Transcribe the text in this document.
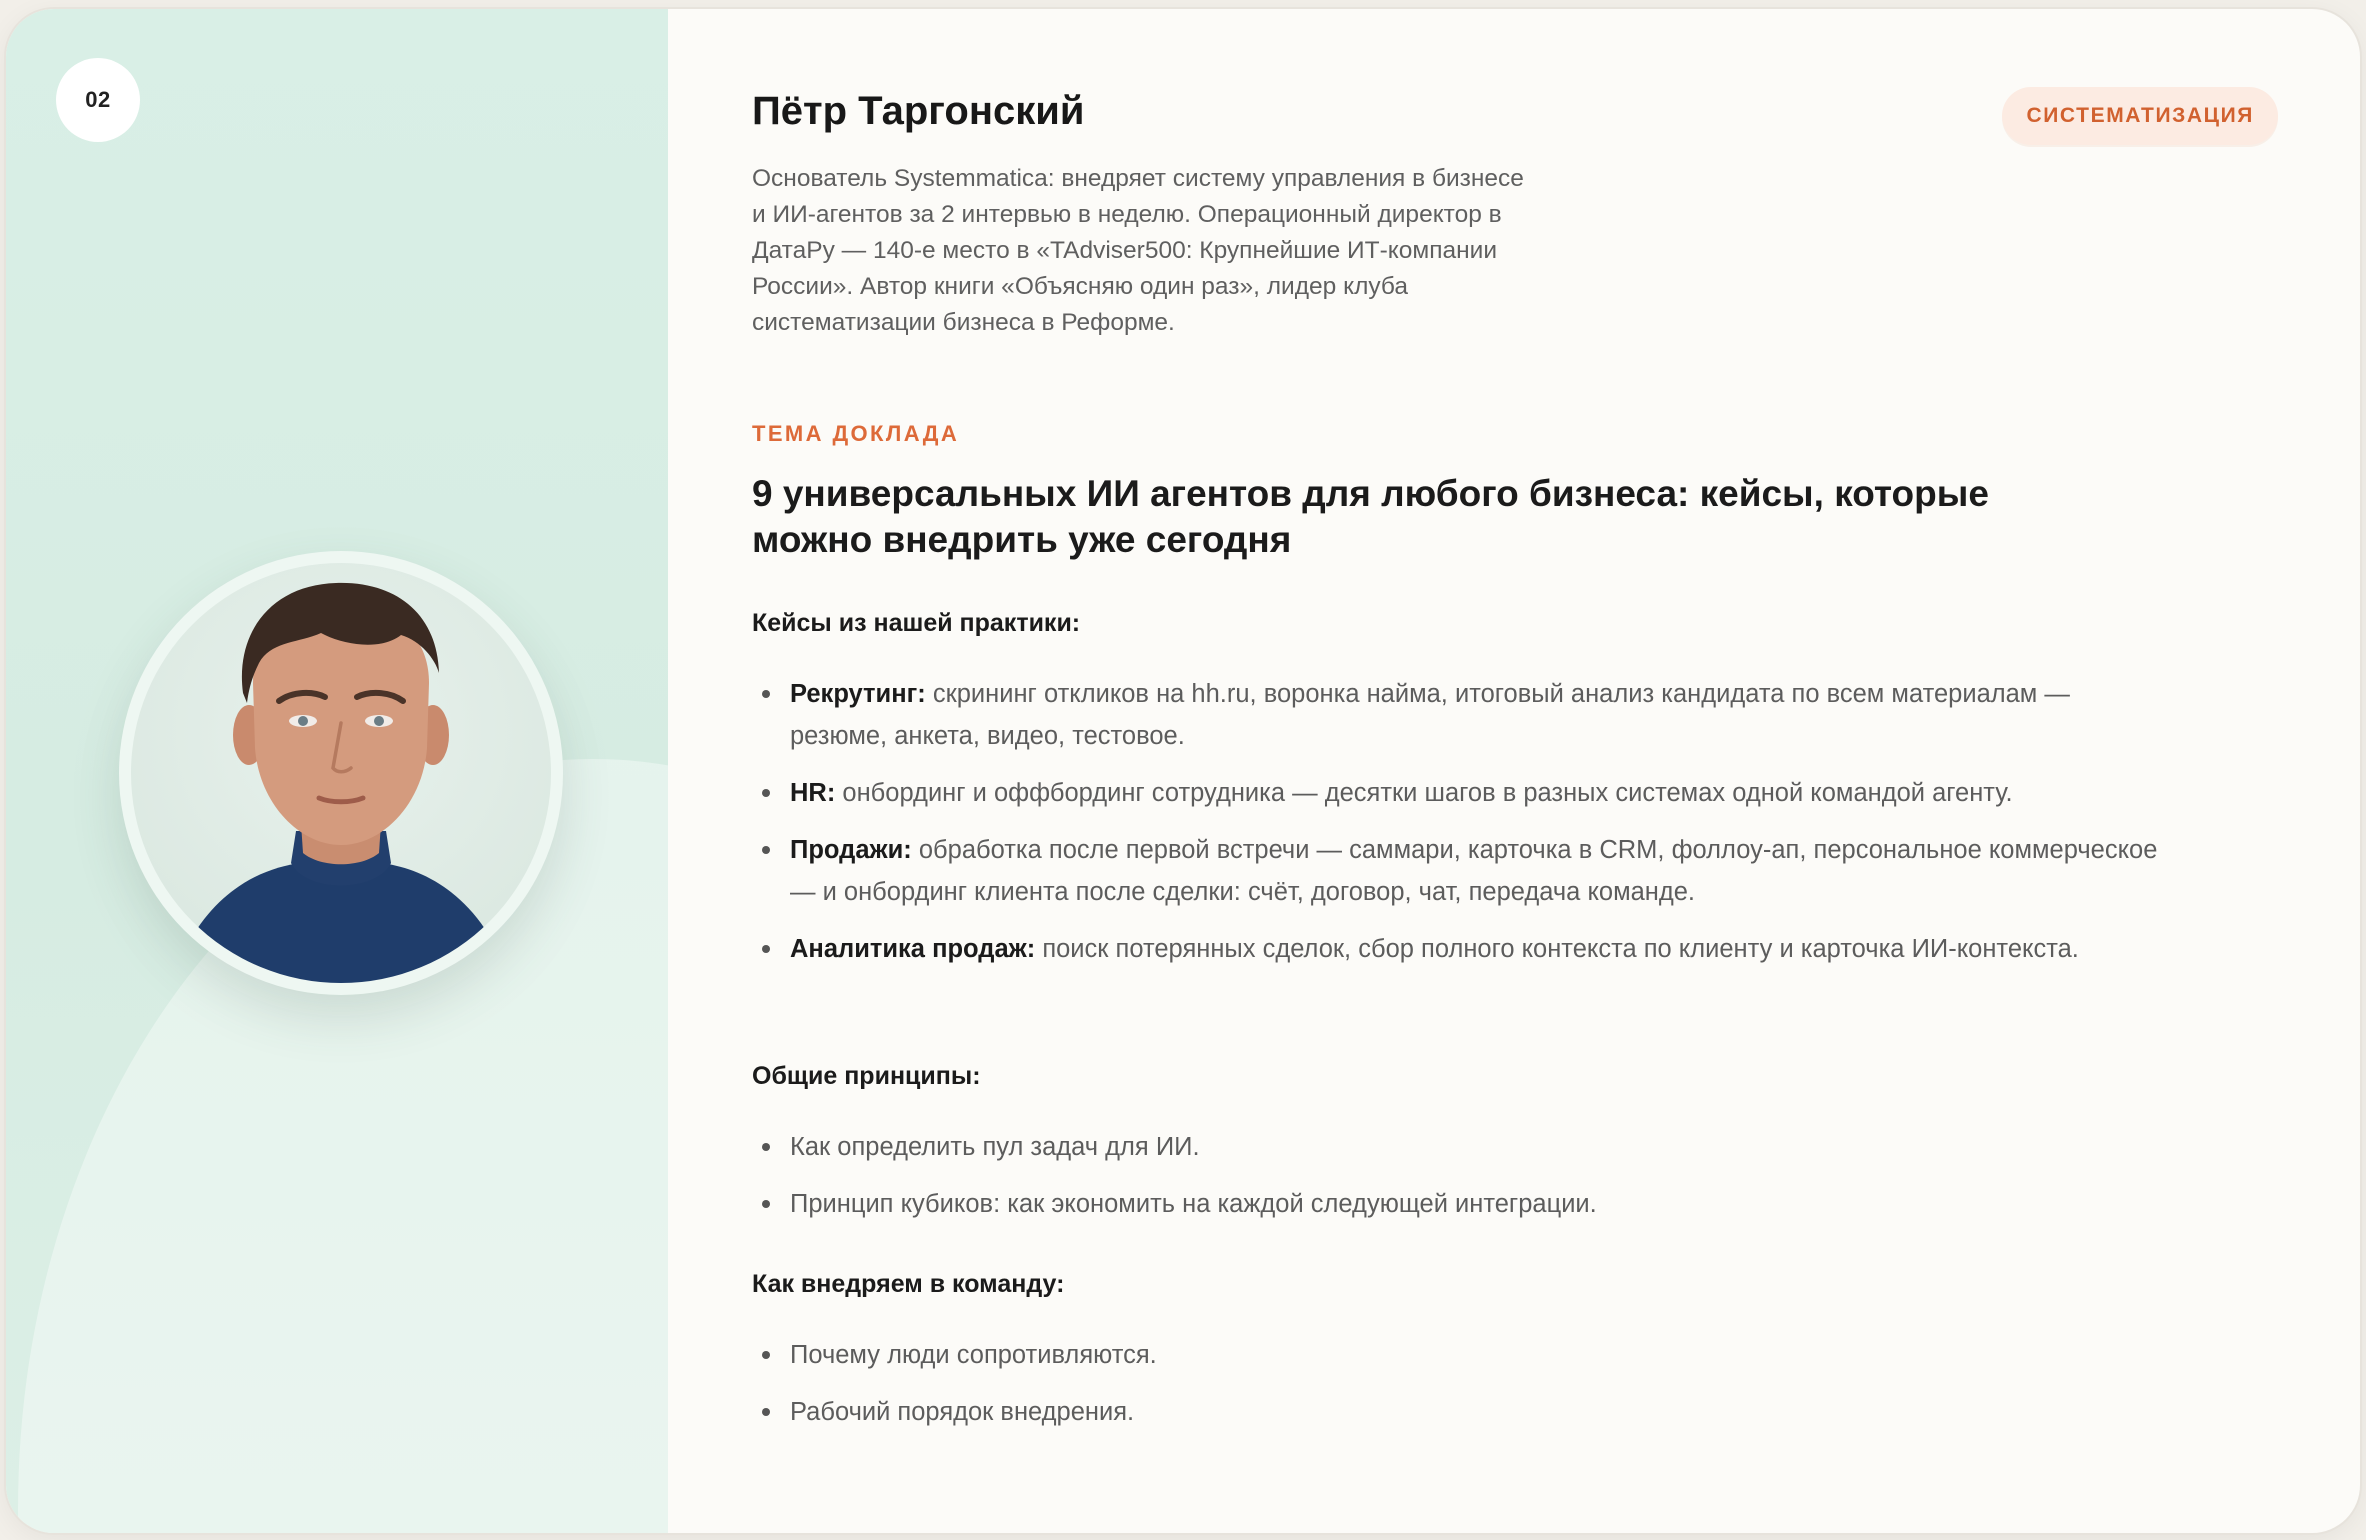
02	Пётр Таргонский
Основатель Systemmatica: внедряет систему управления в бизнесе и ИИ-агентов за 2 интервью в неделю. Операционный директор в ДатаРу — 140-е место в «TAdviser500: Крупнейшие ИТ-компании России». Автор книги «Объясняю один раз», лидер клуба систематизации бизнеса в Реформе.
СИСТЕМАТИЗАЦИЯ
ТЕМА ДОКЛАДА
9 универсальных ИИ агентов для любого бизнеса: кейсы, которые можно внедрить уже сегодня
Кейсы из нашей практики:
Рекрутинг: скрининг откликов на hh.ru, воронка найма, итоговый анализ кандидата по всем материалам — резюме, анкета, видео, тестовое.
HR: онбординг и оффбординг сотрудника — десятки шагов в разных системах одной командой агенту.
Продажи: обработка после первой встречи — саммари, карточка в CRM, фоллоу-ап, персональное коммерческое — и онбординг клиента после сделки: счёт, договор, чат, передача команде.
Аналитика продаж: поиск потерянных сделок, сбор полного контекста по клиенту и карточка ИИ-контекста.
Общие принципы:
Как определить пул задач для ИИ.
Принцип кубиков: как экономить на каждой следующей интеграции.
Как внедряем в команду:
Почему люди сопротивляются.
Рабочий порядок внедрения.
